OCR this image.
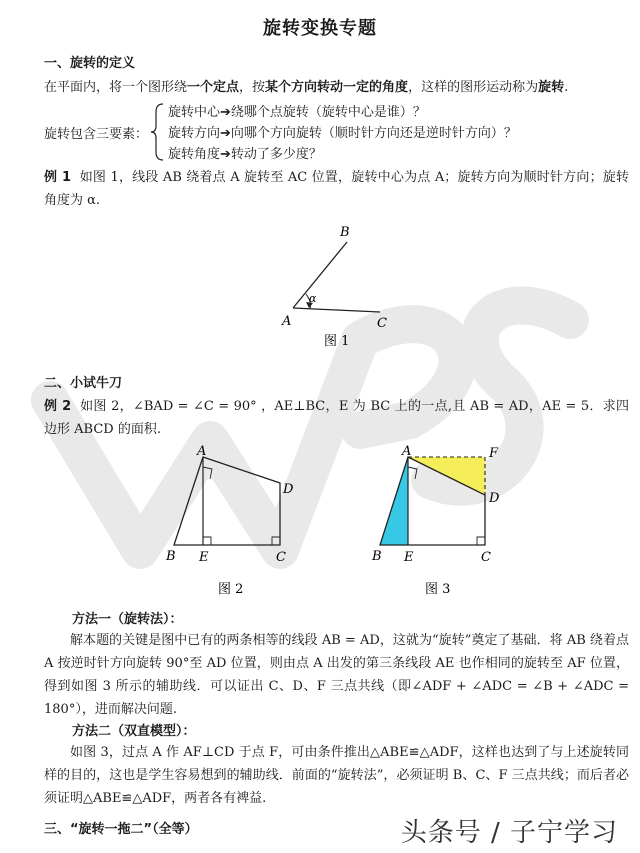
旋转变换专题
一、旋转的定义
在平面内，将一个图形绕一个定点，按某个方向转动一定的角度，这样的图形运动称为旋转.
旋转包含三要素：
旋转中心➔绕哪个点旋转（旋转中心是谁）？
旋转方向➔向哪个方向旋转（顺时针方向还是逆时针方向）？
旋转角度➔转动了多少度？
例 1 如图 1，线段 AB 绕着点 A 旋转至 AC 位置，旋转中心为点 A；旋转方向为顺时针方向；旋转角度为 α.
B
A	C
α
图 1
二、小试牛刀
例 2 如图 2，∠BAD = ∠C = 90° ，AE⊥BC，E 为 BC 上的一点,且 AB = AD，AE = 5．求四边形 ABCD 的面积.
A
D
B E	C
图 2
A	F
D
B E	C
图 3
方法一（旋转法）：
解本题的关键是图中已有的两条相等的线段 AB = AD，这就为“旋转”奠定了基础．将 AB 绕着点 A 按逆时针方向旋转 90°至 AD 位置，则由点 A 出发的第三条线段 AE 也作相同的旋转至 AF 位置，得到如图 3 所示的辅助线．可以证出 C、D、F 三点共线（即∠ADF + ∠ADC = ∠B + ∠ADC = 180°），进而解决问题.
方法二（双直模型）：
如图 3，过点 A 作 AF⊥CD 于点 F，可由条件推出△ABE≌△ADF，这样也达到了与上述旋转同样的目的，这也是学生容易想到的辅助线．前面的“旋转法”，必须证明 B、C、F 三点共线；而后者必须证明△ABE≌△ADF，两者各有裨益.
三、“旋转一拖二”（全等）	头条号 / 子宁学习
